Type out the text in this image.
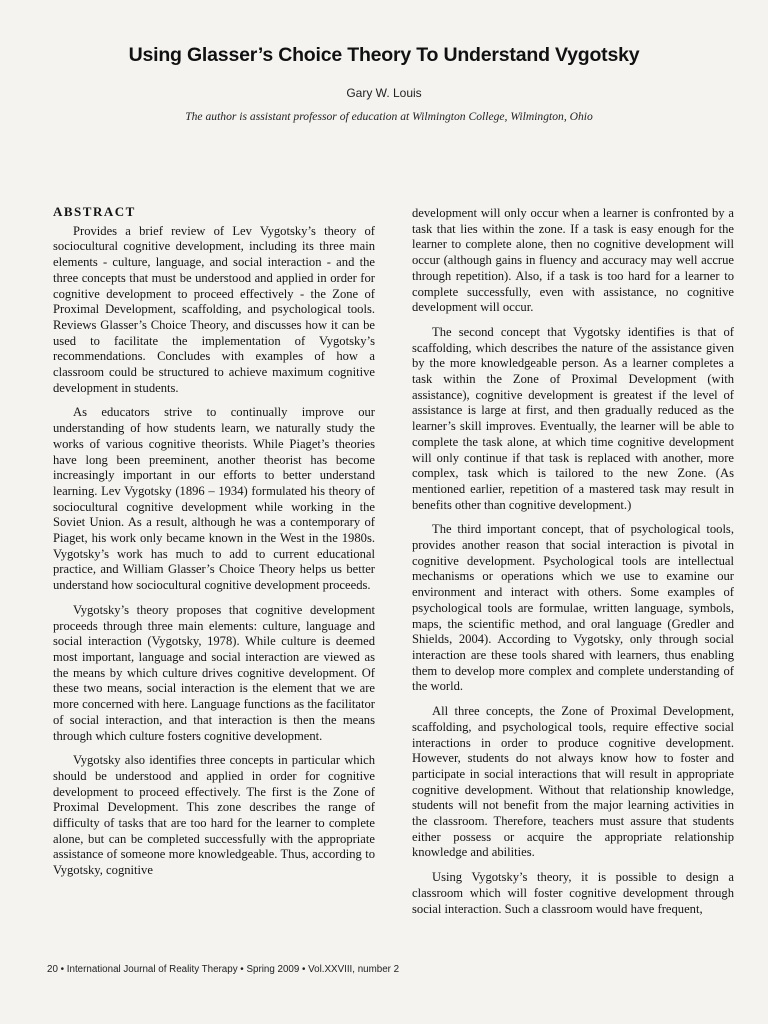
Using Glasser’s Choice Theory To Understand Vygotsky
Gary W. Louis
The author is assistant professor of education at Wilmington College, Wilmington, Ohio
ABSTRACT

Provides a brief review of Lev Vygotsky’s theory of sociocultural cognitive development, including its three main elements - culture, language, and social interaction - and the three concepts that must be understood and applied in order for cognitive development to proceed effectively - the Zone of Proximal Development, scaffolding, and psychological tools. Reviews Glasser’s Choice Theory, and discusses how it can be used to facilitate the implementation of Vygotsky’s recommendations. Concludes with examples of how a classroom could be structured to achieve maximum cognitive development in students.

As educators strive to continually improve our understanding of how students learn, we naturally study the works of various cognitive theorists. While Piaget’s theories have long been preeminent, another theorist has become increasingly important in our efforts to better understand learning. Lev Vygotsky (1896 – 1934) formulated his theory of sociocultural cognitive development while working in the Soviet Union. As a result, although he was a contemporary of Piaget, his work only became known in the West in the 1980s. Vygotsky’s work has much to add to current educational practice, and William Glasser’s Choice Theory helps us better understand how sociocultural cognitive development proceeds.

Vygotsky’s theory proposes that cognitive development proceeds through three main elements: culture, language and social interaction (Vygotsky, 1978). While culture is deemed most important, language and social interaction are viewed as the means by which culture drives cognitive development. Of these two means, social interaction is the element that we are more concerned with here. Language functions as the facilitator of social interaction, and that interaction is then the means through which culture fosters cognitive development.

Vygotsky also identifies three concepts in particular which should be understood and applied in order for cognitive development to proceed effectively. The first is the Zone of Proximal Development. This zone describes the range of difficulty of tasks that are too hard for the learner to complete alone, but can be completed successfully with the appropriate assistance of someone more knowledgeable. Thus, according to Vygotsky, cognitive

development will only occur when a learner is confronted by a task that lies within the zone. If a task is easy enough for the learner to complete alone, then no cognitive development will occur (although gains in fluency and accuracy may well accrue through repetition). Also, if a task is too hard for a learner to complete successfully, even with assistance, no cognitive development will occur.

The second concept that Vygotsky identifies is that of scaffolding, which describes the nature of the assistance given by the more knowledgeable person. As a learner completes a task within the Zone of Proximal Development (with assistance), cognitive development is greatest if the level of assistance is large at first, and then gradually reduced as the learner’s skill improves. Eventually, the learner will be able to complete the task alone, at which time cognitive development will only continue if that task is replaced with another, more complex, task which is tailored to the new Zone. (As mentioned earlier, repetition of a mastered task may result in benefits other than cognitive development.)

The third important concept, that of psychological tools, provides another reason that social interaction is pivotal in cognitive development. Psychological tools are intellectual mechanisms or operations which we use to examine our environment and interact with others. Some examples of psychological tools are formulae, written language, symbols, maps, the scientific method, and oral language (Gredler and Shields, 2004). According to Vygotsky, only through social interaction are these tools shared with learners, thus enabling them to develop more complex and complete understanding of the world.

All three concepts, the Zone of Proximal Development, scaffolding, and psychological tools, require effective social interactions in order to produce cognitive development. However, students do not always know how to foster and participate in social interactions that will result in appropriate cognitive development. Without that relationship knowledge, students will not benefit from the major learning activities in the classroom. Therefore, teachers must assure that students either possess or acquire the appropriate relationship knowledge and abilities.

Using Vygotsky’s theory, it is possible to design a classroom which will foster cognitive development through social interaction. Such a classroom would have frequent,

20 • International Journal of Reality Therapy • Spring 2009 • Vol.XXVIII, number 2
